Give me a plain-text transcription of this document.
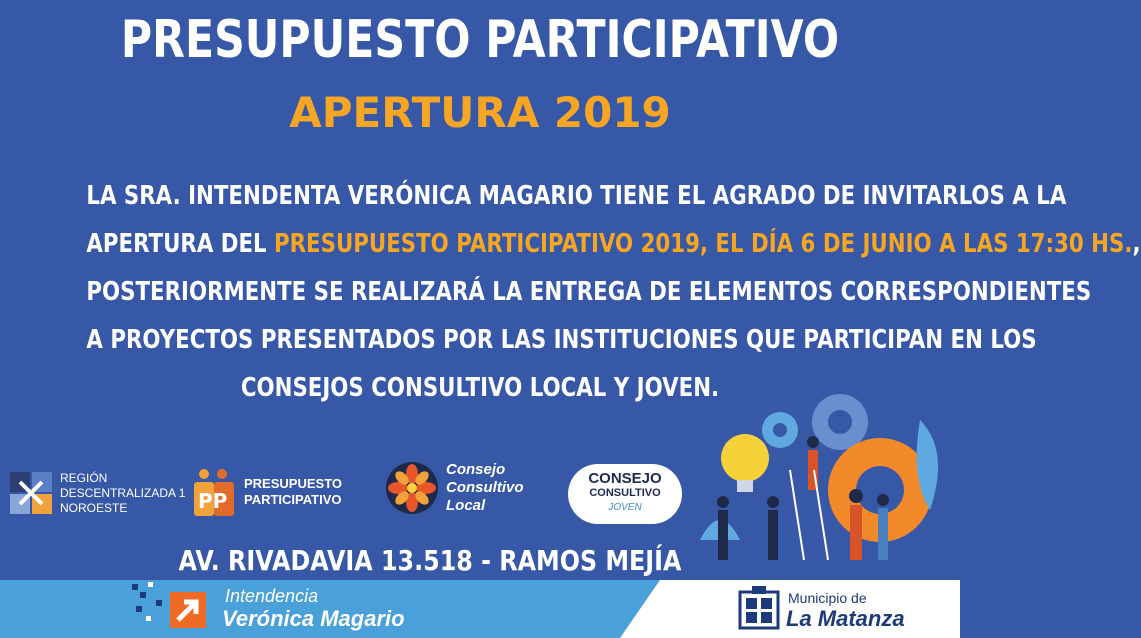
PRESUPUESTO PARTICIPATIVO
APERTURA 2019
LA SRA. INTENDENTA VERÓNICA MAGARIO TIENE EL AGRADO DE INVITARLOS A LA
APERTURA DEL PRESUPUESTO PARTICIPATIVO 2019, EL DÍA 6 DE JUNIO A LAS 17:30 HS.,
POSTERIORMENTE SE REALIZARÁ LA ENTREGA DE ELEMENTOS CORRESPONDIENTES
A PROYECTOS PRESENTADOS POR LAS INSTITUCIONES QUE PARTICIPAN EN LOS
CONSEJOS CONSULTIVO LOCAL Y JOVEN.
REGIÓN
DESCENTRALIZADA 1
NOROESTE	PP
PRESUPUESTO
PARTICIPATIVO
Consejo
Consultivo
Local
CONSEJO
CONSULTIVO
JOVEN
AV. RIVADAVIA 13.518 - RAMOS MEJÍA
Intendencia
Verónica Magario
Municipio de
La Matanza
